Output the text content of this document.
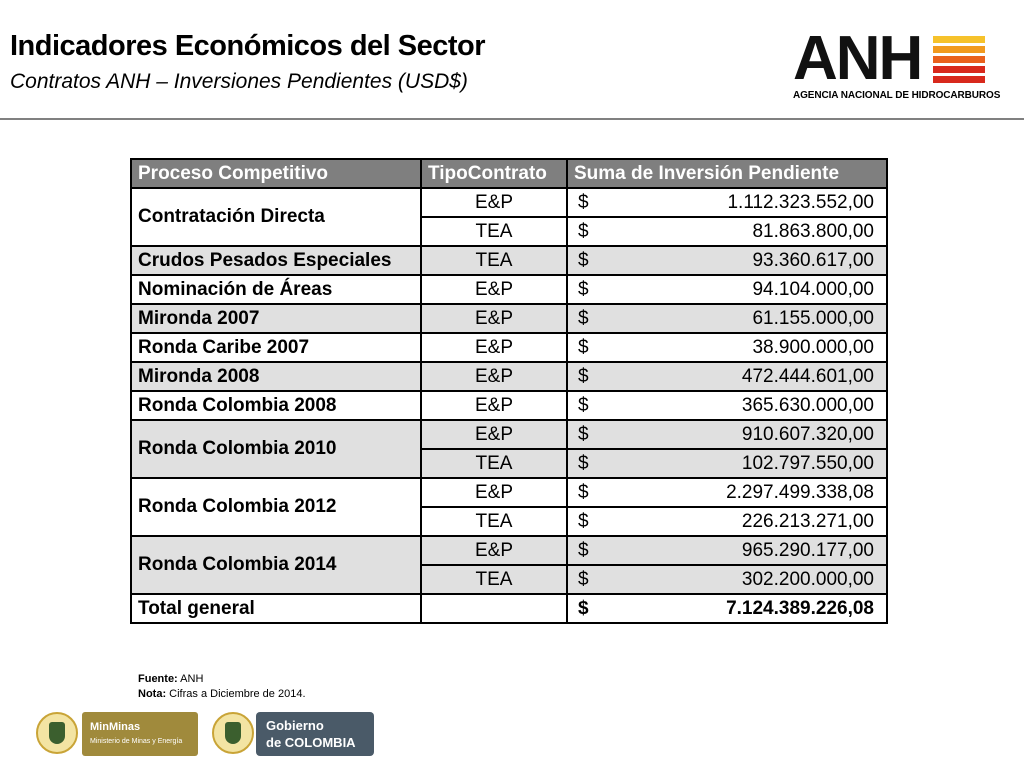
Indicadores Económicos del Sector
Contratos ANH – Inversiones Pendientes (USD$)	ANH
AGENCIA NACIONAL DE HIDROCARBUROS
Proceso Competitivo	TipoContrato	Suma de Inversión Pendiente
Contratación Directa	E&P	$ 1.112.323.552,00

	TEA	$ 81.863.800,00

Crudos Pesados Especiales	TEA	$ 93.360.617,00

Nominación de Áreas	E&P	$ 94.104.000,00

Mironda 2007	E&P	$ 61.155.000,00

Ronda Caribe 2007	E&P	$ 38.900.000,00

Mironda 2008	E&P	$ 472.444.601,00

Ronda Colombia 2008	E&P	$ 365.630.000,00

Ronda Colombia 2010	E&P	$ 910.607.320,00

	TEA	$ 102.797.550,00

Ronda Colombia 2012	E&P	$ 2.297.499.338,08

	TEA	$ 226.213.271,00

Ronda Colombia 2014	E&P	$ 965.290.177,00

	TEA	$ 302.200.000,00

Total general		$ 7.124.389.226,08
Fuente: ANH
Nota: Cifras a Diciembre de 2014.
MinMinas
Ministerio de Minas y Energía
Gobierno
de COLOMBIA
